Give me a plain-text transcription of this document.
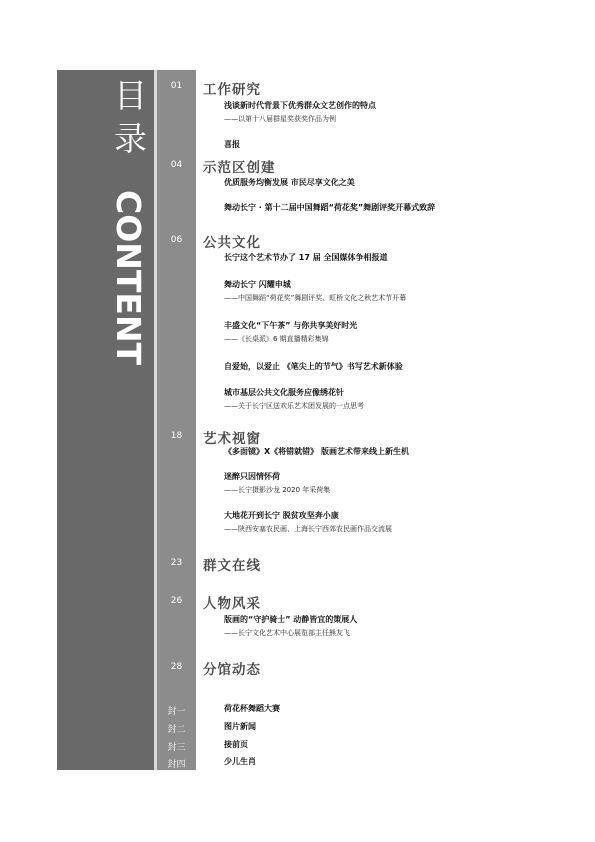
目录 CONTENT
01	工作研究
浅谈新时代背景下优秀群众文艺创作的特点
——以第十八届群星奖获奖作品为例
喜报
04	示范区创建
优质服务均衡发展 市民尽享文化之美
舞动长宁 · 第十二届中国舞蹈“荷花奖”舞剧评奖开幕式致辞
06	公共文化
长宁这个艺术节办了 17 届 全国媒体争相报道
舞动长宁 闪耀申城
——中国舞蹈“荷花奖”舞剧评奖、虹桥文化之秋艺术节开幕
丰盛文化“下午茶” 与你共享美好时光
——《长桌派》6 期直播精彩集锦
自爱始，以爱止 《笔尖上的节气》书写艺术新体验
城市基层公共文化服务应像绣花针
——关于长宁区送欢乐艺术团发展的一点思考
18	艺术视窗
《多面镜》X《将错就错》 版画艺术带来线上新生机
迷醉只因情怀荷
——长宁摄影沙龙 2020 年采荷集
大地花开到长宁 脱贫攻坚奔小康
——陕西安塞农民画、上海长宁西郊农民画作品交流展
23	群文在线
26	人物风采
版画的“守护骑士” 动静皆宜的策展人
——长宁文化艺术中心展览部主任熊友飞
28	分馆动态
封一	荷花杯舞蹈大赛
封二	图片新闻
封三	接前页
封四	少儿生肖
